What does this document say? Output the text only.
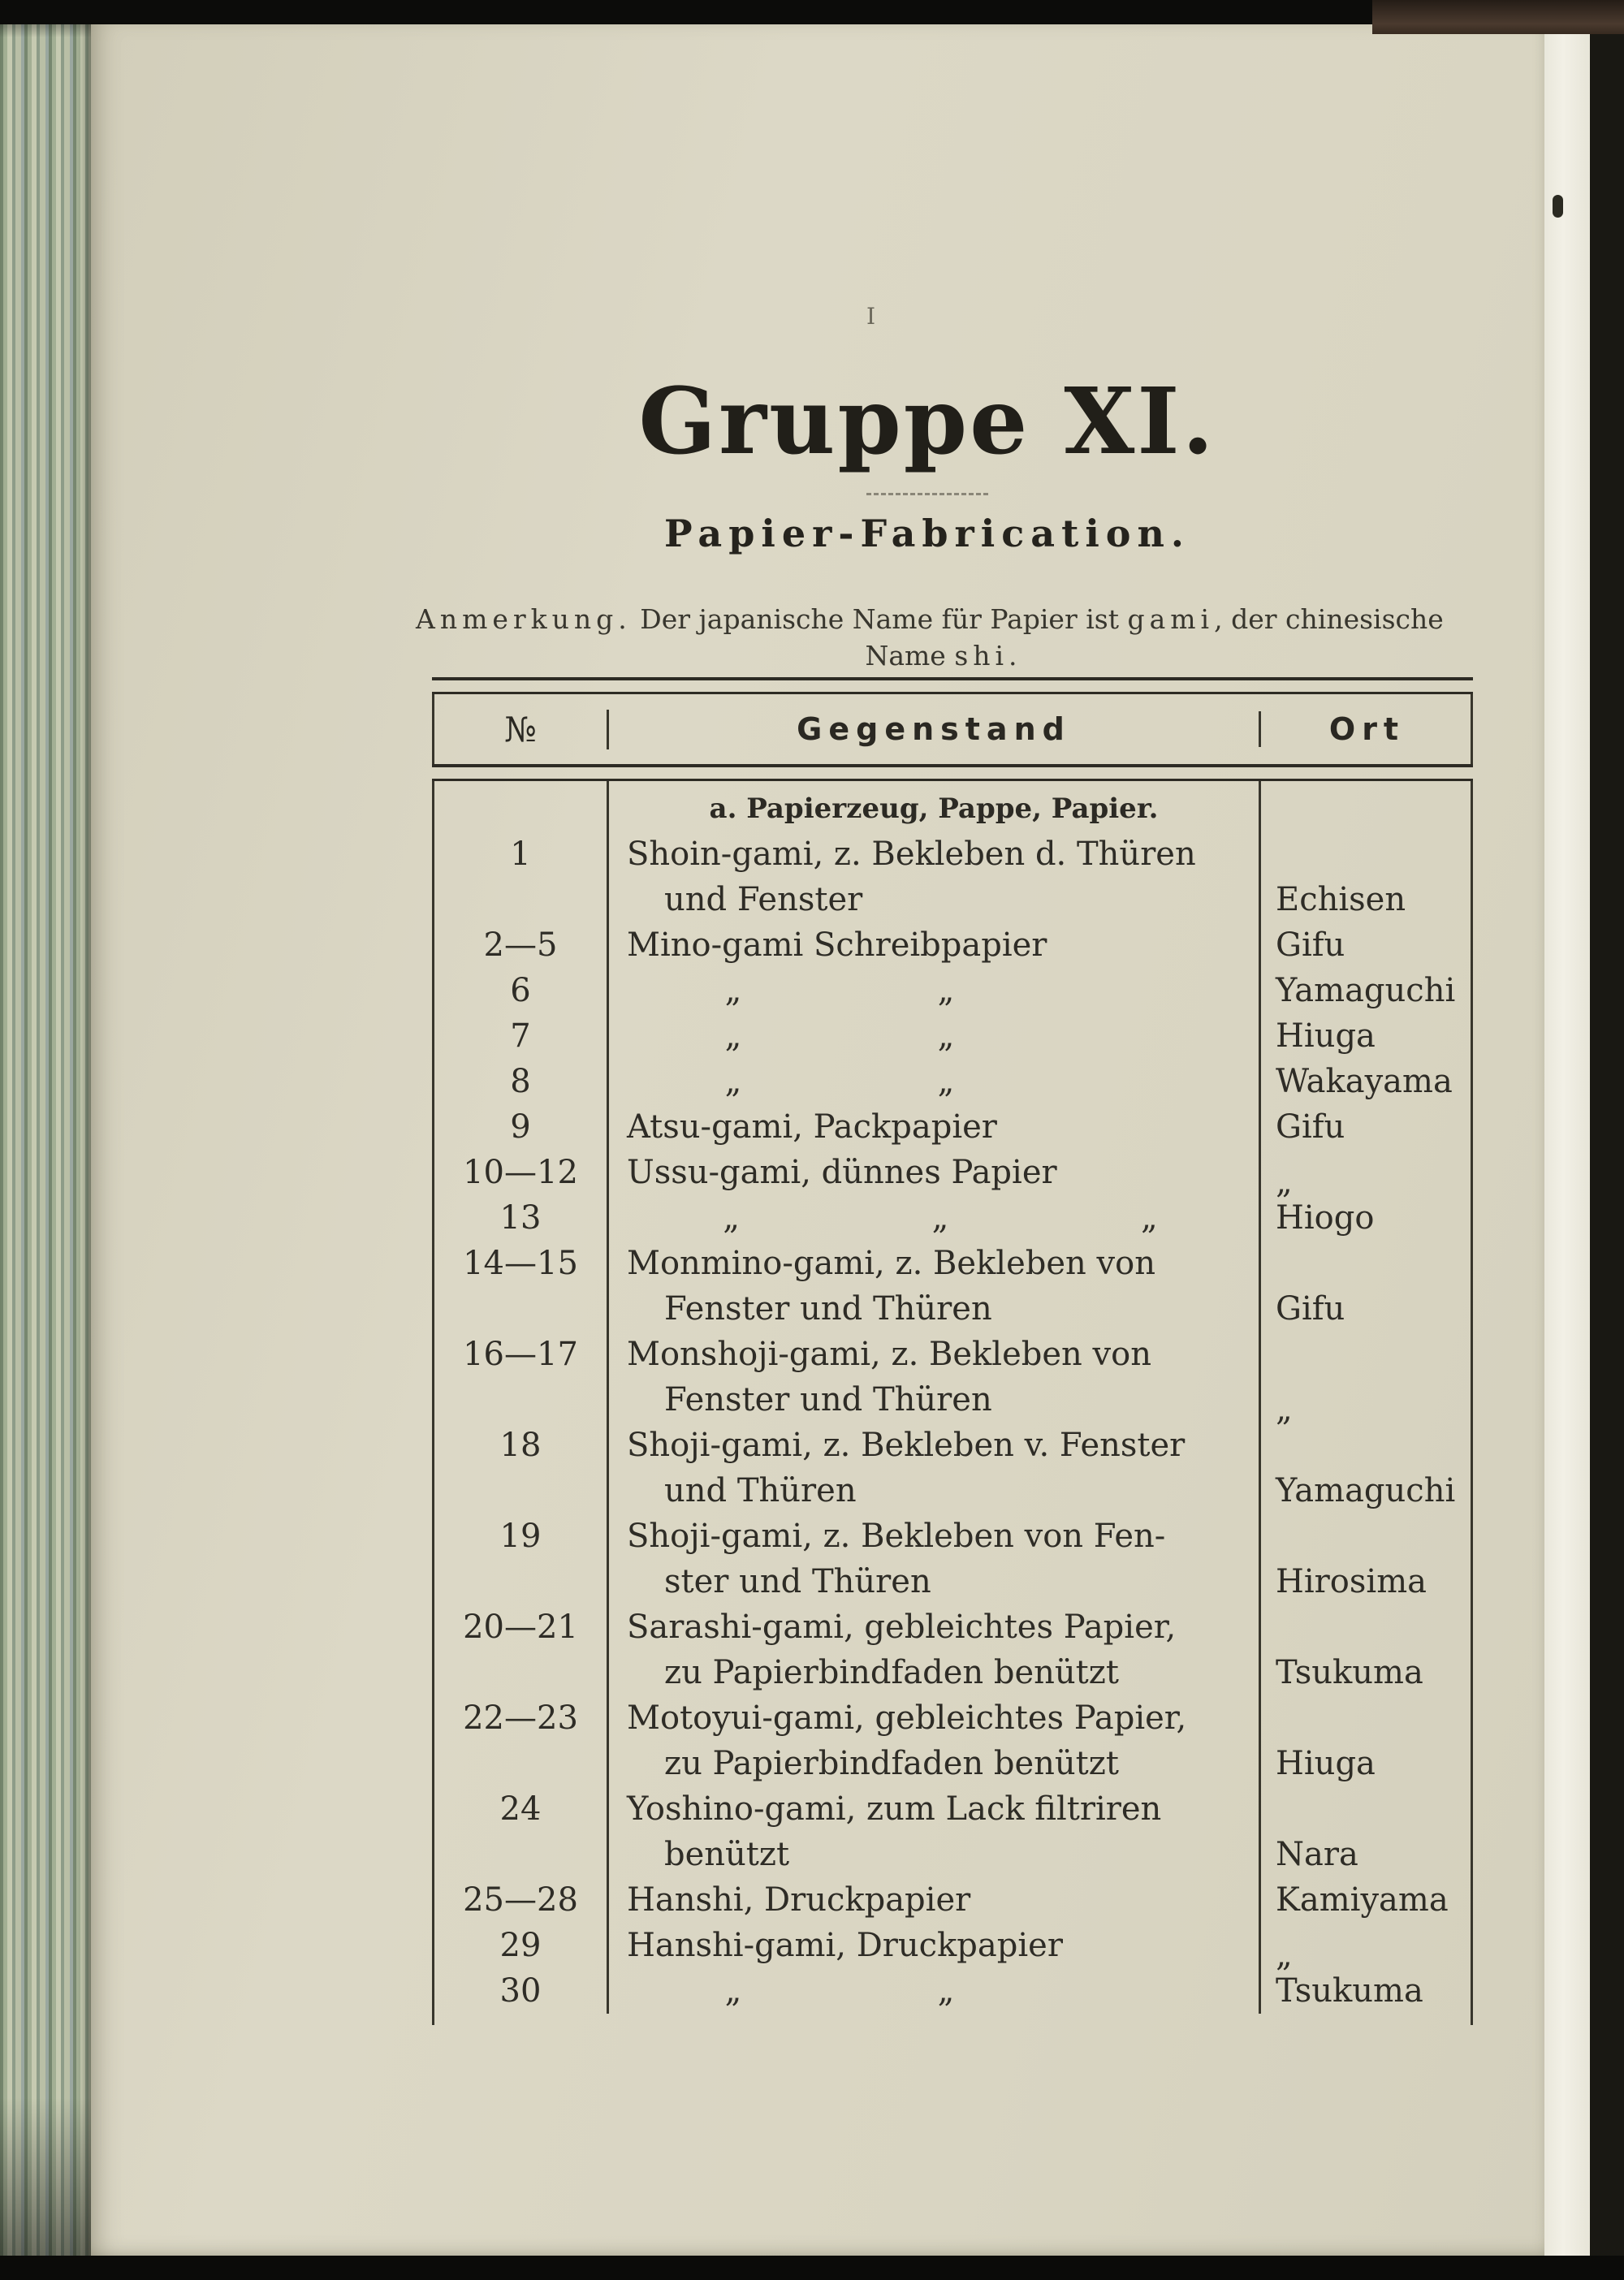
I
Gruppe XI.
Papier-Fabrication.
Anmerkung. Der japanische Name für Papier ist gami, der chinesische
Name shi.
№	Gegenstand	Ort
a. Papierzeug, Pappe, Papier.
1	Shoin-gami, z. Bekleben d. Thüren
und Fenster	Echisen
2—5	Mino-gami Schreibpapier	Gifu
6	„	„	Yamaguchi
7	„	„	Hiuga
8	„	„	Wakayama
9	Atsu-gami, Packpapier	Gifu
10—12	Ussu-gami, dünnes Papier	„
13	„	„	„	Hiogo
14—15	Monmino-gami, z. Bekleben von
Fenster und Thüren	Gifu
16—17	Monshoji-gami, z. Bekleben von
Fenster und Thüren	„
18	Shoji-gami, z. Bekleben v. Fenster
und Thüren	Yamaguchi
19	Shoji-gami, z. Bekleben von Fen-
ster und Thüren	Hirosima
20—21	Sarashi-gami, gebleichtes Papier,
zu Papierbindfaden benützt	Tsukuma
22—23	Motoyui-gami, gebleichtes Papier,
zu Papierbindfaden benützt	Hiuga
24	Yoshino-gami, zum Lack filtriren
benützt	Nara
25—28	Hanshi, Druckpapier	Kamiyama
29	Hanshi-gami, Druckpapier	„
30	„	„	Tsukuma
